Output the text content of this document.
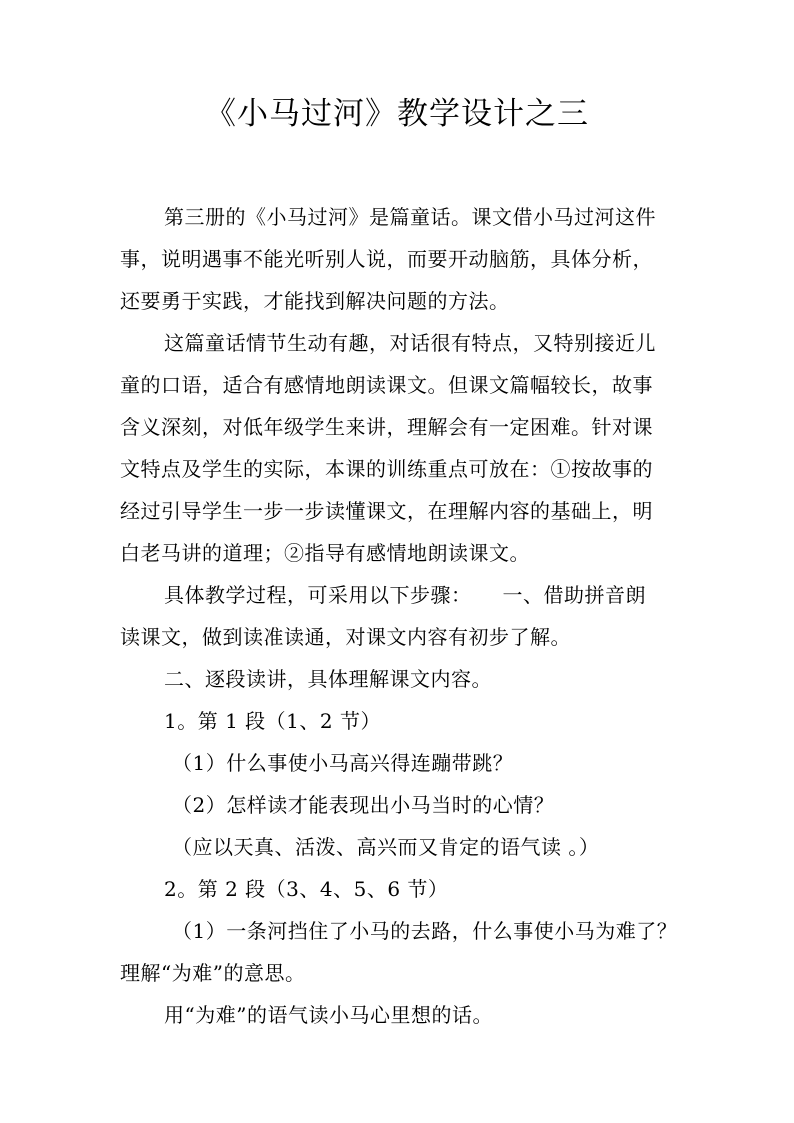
《小马过河》教学设计之三
第三册的《小马过河》是篇童话。课文借小马过河这件
事，说明遇事不能光听别人说，而要开动脑筋，具体分析，
还要勇于实践，才能找到解决问题的方法。
这篇童话情节生动有趣，对话很有特点，又特别接近儿
童的口语，适合有感情地朗读课文。但课文篇幅较长，故事
含义深刻，对低年级学生来讲，理解会有一定困难。针对课
文特点及学生的实际，本课的训练重点可放在：①按故事的
经过引导学生一步一步读懂课文，在理解内容的基础上，明
白老马讲的道理；②指导有感情地朗读课文。
具体教学过程，可采用以下步骤：　　一、借助拼音朗
读课文，做到读准读通，对课文内容有初步了解。
二、逐段读讲，具体理解课文内容。
1。第 1 段（1、2 节）
（1）什么事使小马高兴得连蹦带跳？
（2）怎样读才能表现出小马当时的心情？
（应以天真、活泼、高兴而又肯定的语气读 。）
2。第 2 段（3、4、5、6 节）
（1）一条河挡住了小马的去路，什么事使小马为难了？
理解“为难”的意思。
用“为难”的语气读小马心里想的话。
